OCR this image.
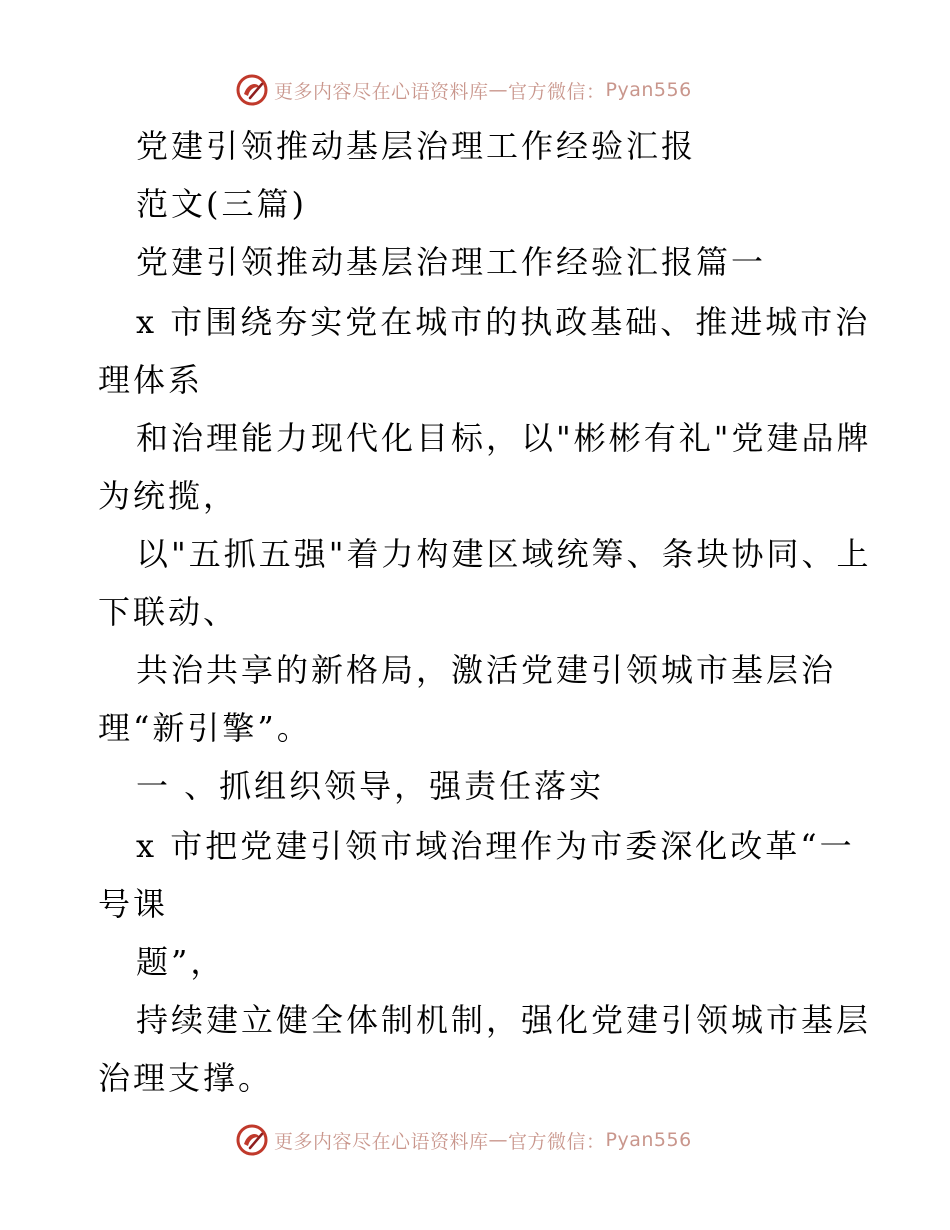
更多内容尽在心语资料库 — 官方微信： Pyan556
党建引领推动基层治理工作经验汇报
范文(三篇)
党建引领推动基层治理工作经验汇报篇一
x 市围绕夯实党在城市的执政基础、推进城市治
理体系
和治理能力现代化目标，以"彬彬有礼"党建品牌
为统揽，
以"五抓五强"着力构建区域统筹、条块协同、上
下联动、
共治共享的新格局，激活党建引领城市基层治
理“新引擎”。
一 、抓组织领导，强责任落实
x 市把党建引领市域治理作为市委深化改革“一
号课
题”，
持续建立健全体制机制，强化党建引领城市基层
治理支撑。
更多内容尽在心语资料库 — 官方微信： Pyan556
